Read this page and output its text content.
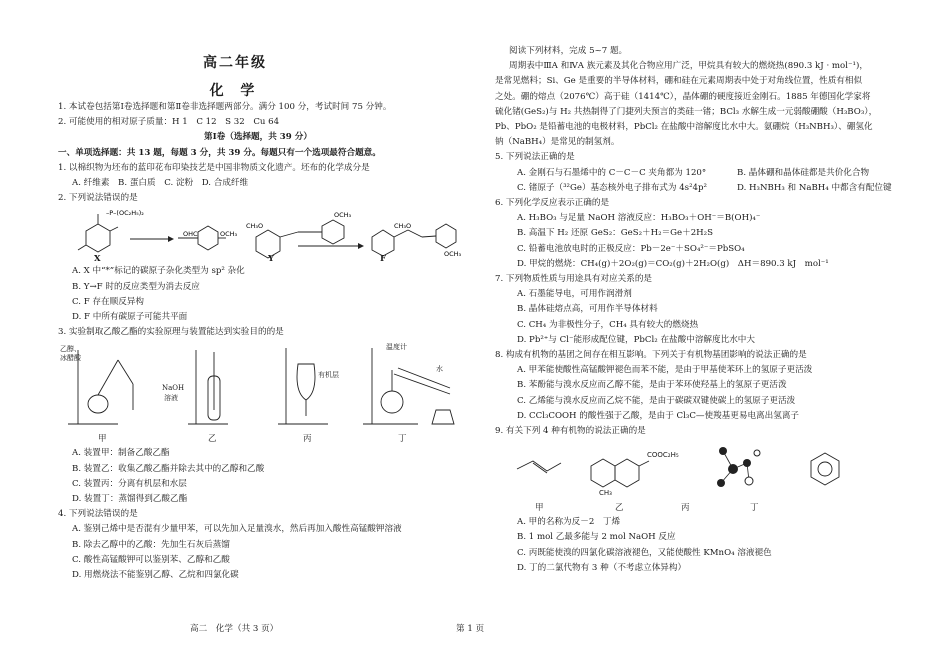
高二年级
化 学
1. 本试卷包括第Ⅰ卷选择题和第Ⅱ卷非选择题两部分。满分 100 分，考试时间 75 分钟。
2. 可能使用的相对原子质量：H 1　C 12　S 32　Cu 64
第Ⅰ卷（选择题，共 39 分）
一、单项选择题：共 13 题，每题 3 分，共 39 分。每题只有一个选项最符合题意。
1. 以棉织物为坯布的蓝印花布印染技艺是中国非物质文化遗产。坯布的化学成分是
A. 纤维素　B. 蛋白质　C. 淀粉　D. 合成纤维
2. 下列说法错误的是
–P–(OC₂H₅)₂
OHC	OCH₃
CH₃O
OCH₃
CH₃O
OCH₃
X	Y	F
A. X 中“*”标记的碳原子杂化类型为 sp² 杂化
B. Y→F 时的反应类型为消去反应
C. F 存在顺反异构
D. F 中所有碳原子可能共平面
3. 实验制取乙酸乙酯的实验原理与装置能达到实验目的的是
乙醇、
冰醋酸
NaOH
溶液
有机层
温度计
水
甲	乙	丙	丁
A. 装置甲：制备乙酸乙酯
B. 装置乙：收集乙酸乙酯并除去其中的乙醇和乙酸
C. 装置丙：分离有机层和水层
D. 装置丁：蒸馏得到乙酸乙酯
4. 下列说法错误的是
A. 鉴别己烯中是否混有少量甲苯，可以先加入足量溴水，然后再加入酸性高锰酸钾溶液
B. 除去乙醇中的乙酸：先加生石灰后蒸馏
C. 酸性高锰酸钾可以鉴别苯、乙醇和乙酸
D. 用燃烧法不能鉴别乙醇、乙烷和四氯化碳
阅读下列材料，完成 5~7 题。
周期表中ⅢA 和ⅣA 族元素及其化合物应用广泛，甲烷具有较大的燃烧热(890.3 kJ · mol⁻¹)，
是常见燃料；Si、Ge 是重要的半导体材料，硼和硅在元素周期表中处于对角线位置，性质有相似
之处。硼的熔点（2076℃）高于硅（1414℃），晶体硼的硬度接近金刚石。1885 年德国化学家将
硫化锗(GeS₂)与 H₂ 共热制得了门捷列夫预言的类硅一锗；BCl₃ 水解生成一元弱酸硼酸（H₃BO₃），
Pb、PbO₂ 是铅蓄电池的电极材料，PbCl₂ 在盐酸中溶解度比水中大。氨硼烷（H₃NBH₃）、硼氢化
钠（NaBH₄）是常见的制氢剂。
5. 下列说法正确的是
A. 金刚石与石墨烯中的 C－C－C 夹角都为 120°	B. 晶体硼和晶体硅都是共价化合物
C. 锗原子（³²Ge）基态核外电子排布式为 4s²4p²	D. H₃NBH₃ 和 NaBH₄ 中都含有配位键
6. 下列化学反应表示正确的是
A. H₃BO₃ 与足量 NaOH 溶液反应：H₃BO₃＋OH⁻＝B(OH)₄⁻
B. 高温下 H₂ 还原 GeS₂：GeS₂＋H₂＝Ge＋2H₂S
C. 铅蓄电池放电时的正极反应：Pb－2e⁻＋SO₄²⁻＝PbSO₄
D. 甲烷的燃烧：CH₄(g)＋2O₂(g)＝CO₂(g)＋2H₂O(g)　ΔH＝890.3 kJ　mol⁻¹
7. 下列物质性质与用途具有对应关系的是
A. 石墨能导电，可用作润滑剂
B. 晶体硅熔点高，可用作半导体材料
C. CH₄ 为非极性分子，CH₄ 具有较大的燃烧热
D. Pb²⁺与 Cl⁻能形成配位键，PbCl₂ 在盐酸中溶解度比水中大
8. 构成有机物的基团之间存在相互影响。下列关于有机物基团影响的说法正确的是
A. 甲苯能使酸性高锰酸钾褪色而苯不能，是由于甲基使苯环上的氢原子更活泼
B. 苯酚能与溴水反应而乙醇不能，是由于苯环使羟基上的氢原子更活泼
C. 乙烯能与溴水反应而乙烷不能，是由于碳碳双键使碳上的氢原子更活泼
D. CCl₃COOH 的酸性强于乙酸，是由于 Cl₃C—使羧基更易电离出氢离子
9. 有关下列 4 种有机物的说法正确的是
COOC₂H₅
CH₃
甲	乙	丙	丁
A. 甲的名称为反－2　丁烯
B. 1 mol 乙最多能与 2 mol NaOH 反应
C. 丙既能使溴的四氯化碳溶液褪色，又能使酸性 KMnO₄ 溶液褪色
D. 丁的二氯代物有 3 种（不考虑立体异构）
高二　化学（共 3 页）	第 1 页
